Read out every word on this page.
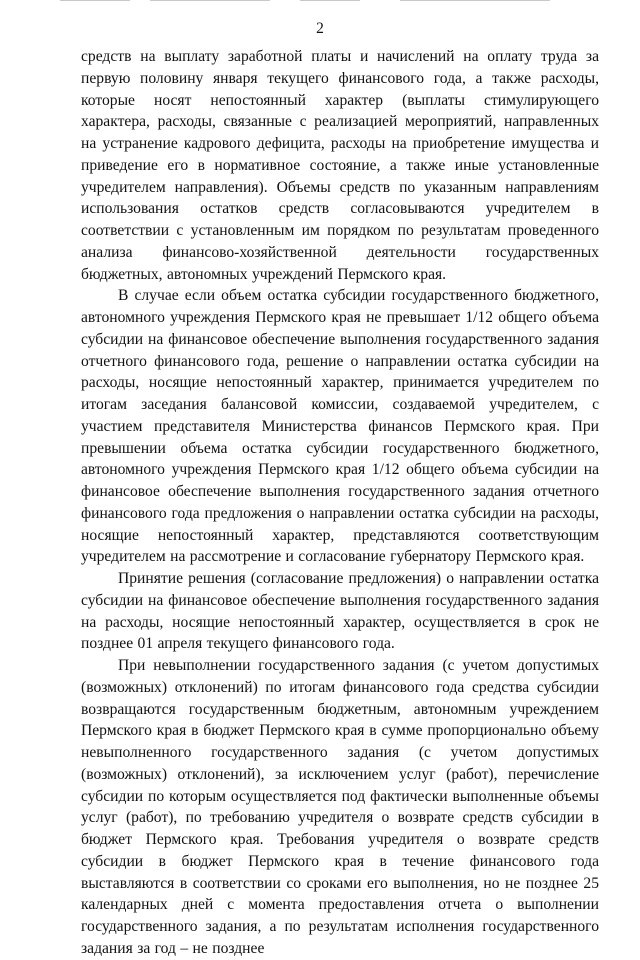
2

средств на выплату заработной платы и начислений на оплату труда за первую половину января текущего финансового года, а также расходы, которые носят непостоянный характер (выплаты стимулирующего характера, расходы, связанные с реализацией мероприятий, направленных на устранение кадрового дефицита, расходы на приобретение имущества и приведение его в нормативное состояние, а также иные установленные учредителем направления). Объемы средств по указанным направлениям использования остатков средств согласовываются учредителем в соответствии с установленным им порядком по результатам проведенного анализа финансово-хозяйственной деятельности государственных бюджетных, автономных учреждений Пермского края.

В случае если объем остатка субсидии государственного бюджетного, автономного учреждения Пермского края не превышает 1/12 общего объема субсидии на финансовое обеспечение выполнения государственного задания отчетного финансового года, решение о направлении остатка субсидии на расходы, носящие непостоянный характер, принимается учредителем по итогам заседания балансовой комиссии, создаваемой учредителем, с участием представителя Министерства финансов Пермского края. При превышении объема остатка субсидии государственного бюджетного, автономного учреждения Пермского края 1/12 общего объема субсидии на финансовое обеспечение выполнения государственного задания отчетного финансового года предложения о направлении остатка субсидии на расходы, носящие непостоянный характер, представляются соответствующим учредителем на рассмотрение и согласование губернатору Пермского края.

Принятие решения (согласование предложения) о направлении остатка субсидии на финансовое обеспечение выполнения государственного задания на расходы, носящие непостоянный характер, осуществляется в срок не позднее 01 апреля текущего финансового года.

При невыполнении государственного задания (с учетом допустимых (возможных) отклонений) по итогам финансового года средства субсидии возвращаются государственным бюджетным, автономным учреждением Пермского края в бюджет Пермского края в сумме пропорционально объему невыполненного государственного задания (с учетом допустимых (возможных) отклонений), за исключением услуг (работ), перечисление субсидии по которым осуществляется под фактически выполненные объемы услуг (работ), по требованию учредителя о возврате средств субсидии в бюджет Пермского края. Требования учредителя о возврате средств субсидии в бюджет Пермского края в течение финансового года выставляются в соответствии со сроками его выполнения, но не позднее 25 календарных дней с момента предоставления отчета о выполнении государственного задания, а по результатам исполнения государственного задания за год – не позднее
